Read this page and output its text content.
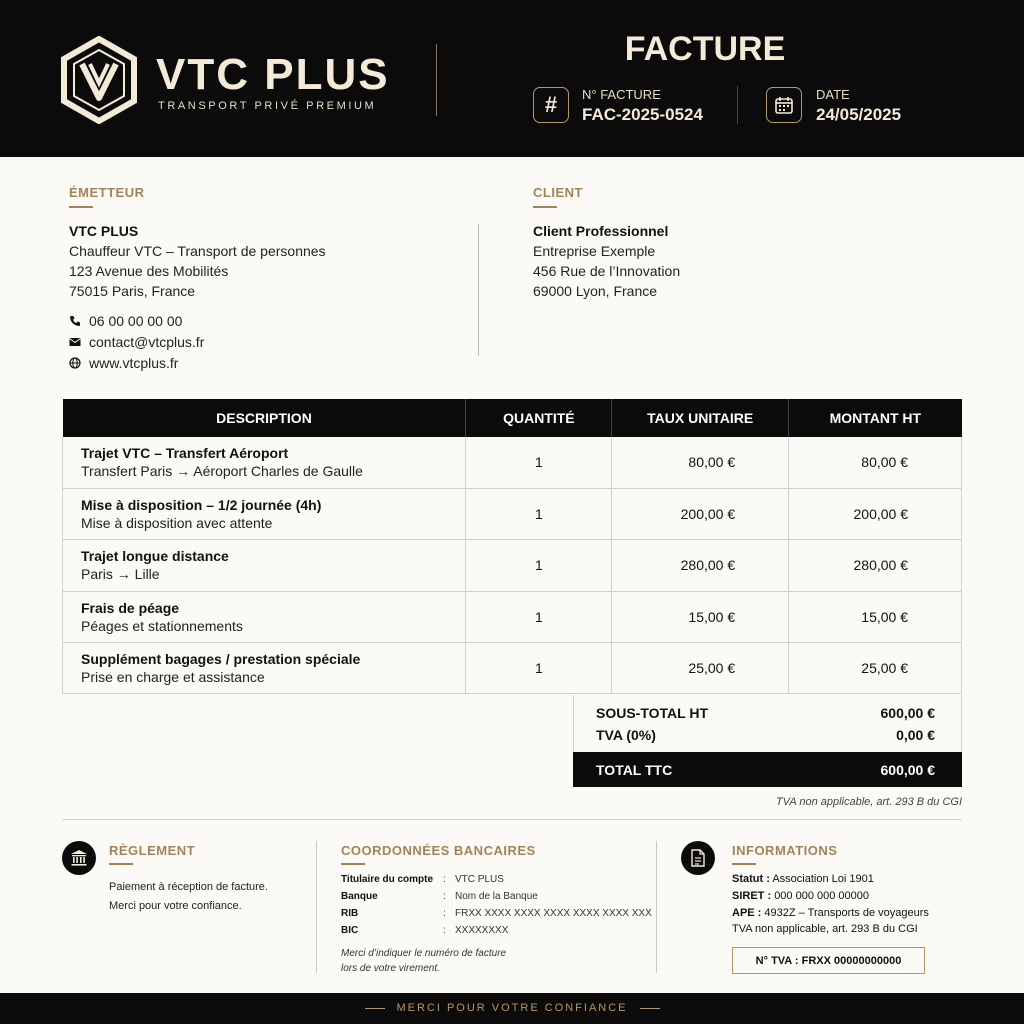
VTC PLUS
TRANSPORT PRIVÉ PREMIUM
FACTURE
#	N° FACTURE
FAC-2025-0524
DATE
24/05/2025
ÉMETTEUR
VTC PLUS
Chauffeur VTC – Transport de personnes
123 Avenue des Mobilités
75015 Paris, France
06 00 00 00 00
contact@vtcplus.fr
www.vtcplus.fr
CLIENT
Client Professionnel
Entreprise Exemple
456 Rue de l’Innovation
69000 Lyon, France
DESCRIPTION	QUANTITÉ	TAUX UNITAIRE	MONTANT HT

Trajet VTC – Transfert Aéroport
Transfert Paris → Aéroport Charles de Gaulle	1	80,00 €	80,00 €

Mise à disposition – 1/2 journée (4h)
Mise à disposition avec attente	1	200,00 €	200,00 €

Trajet longue distance
Paris → Lille	1	280,00 €	280,00 €

Frais de péage
Péages et stationnements	1	15,00 €	15,00 €

Supplément bagages / prestation spéciale
Prise en charge et assistance	1	25,00 €	25,00 €
SOUS-TOTAL HT	600,00 €
TVA (0%)	0,00 €
TOTAL TTC	600,00 €
TVA non applicable, art. 293 B du CGI
RÈGLEMENT
Paiement à réception de facture.
Merci pour votre confiance.
COORDONNÉES BANCAIRES
Titulaire du compte : VTC PLUS
Banque	: Nom de la Banque
RIB	: FRXX XXXX XXXX XXXX XXXX XXXX XXX
BIC	: XXXXXXXX
Merci d’indiquer le numéro de facture
lors de votre virement.
INFORMATIONS
Statut : Association Loi 1901
SIRET : 000 000 000 00000
APE : 4932Z – Transports de voyageurs
TVA non applicable, art. 293 B du CGI
N° TVA : FRXX 00000000000
MERCI POUR VOTRE CONFIANCE
